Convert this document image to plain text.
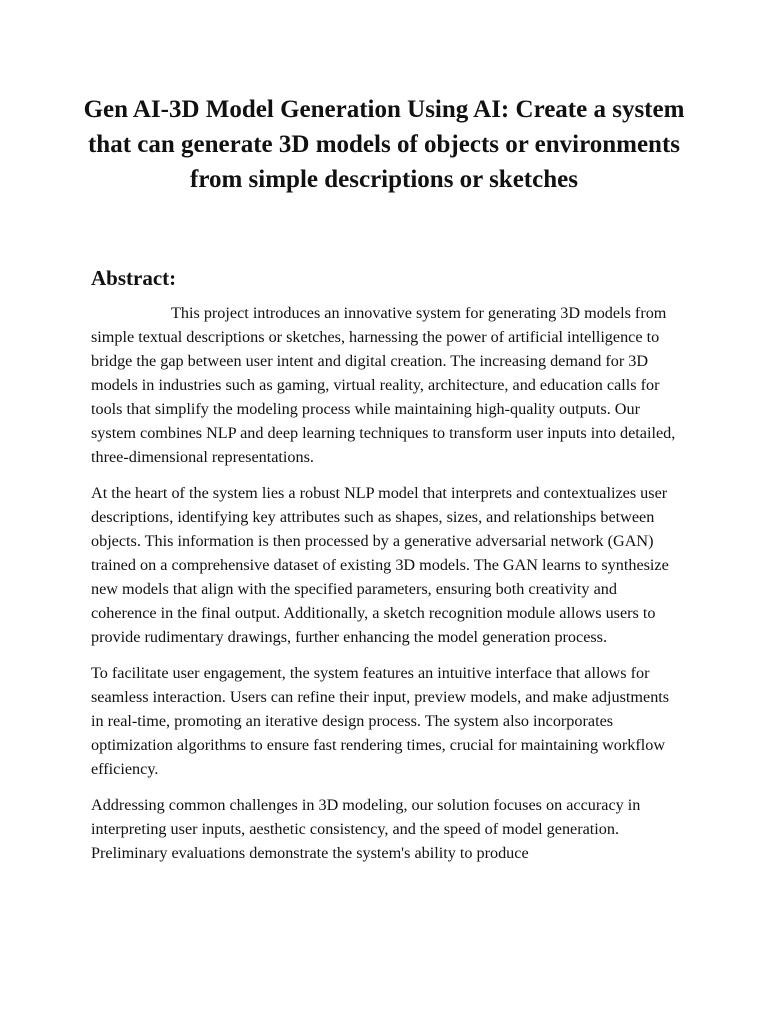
Gen AI-3D Model Generation Using AI: Create a system that can generate 3D models of objects or environments from simple descriptions or sketches
Abstract:

This project introduces an innovative system for generating 3D models from simple textual descriptions or sketches, harnessing the power of artificial intelligence to bridge the gap between user intent and digital creation. The increasing demand for 3D models in industries such as gaming, virtual reality, architecture, and education calls for tools that simplify the modeling process while maintaining high-quality outputs. Our system combines NLP and deep learning techniques to transform user inputs into detailed, three-dimensional representations.

At the heart of the system lies a robust NLP model that interprets and contextualizes user descriptions, identifying key attributes such as shapes, sizes, and relationships between objects. This information is then processed by a generative adversarial network (GAN) trained on a comprehensive dataset of existing 3D models. The GAN learns to synthesize new models that align with the specified parameters, ensuring both creativity and coherence in the final output. Additionally, a sketch recognition module allows users to provide rudimentary drawings, further enhancing the model generation process.

To facilitate user engagement, the system features an intuitive interface that allows for seamless interaction. Users can refine their input, preview models, and make adjustments in real-time, promoting an iterative design process. The system also incorporates optimization algorithms to ensure fast rendering times, crucial for maintaining workflow efficiency.

Addressing common challenges in 3D modeling, our solution focuses on accuracy in interpreting user inputs, aesthetic consistency, and the speed of model generation. Preliminary evaluations demonstrate the system's ability to produce
